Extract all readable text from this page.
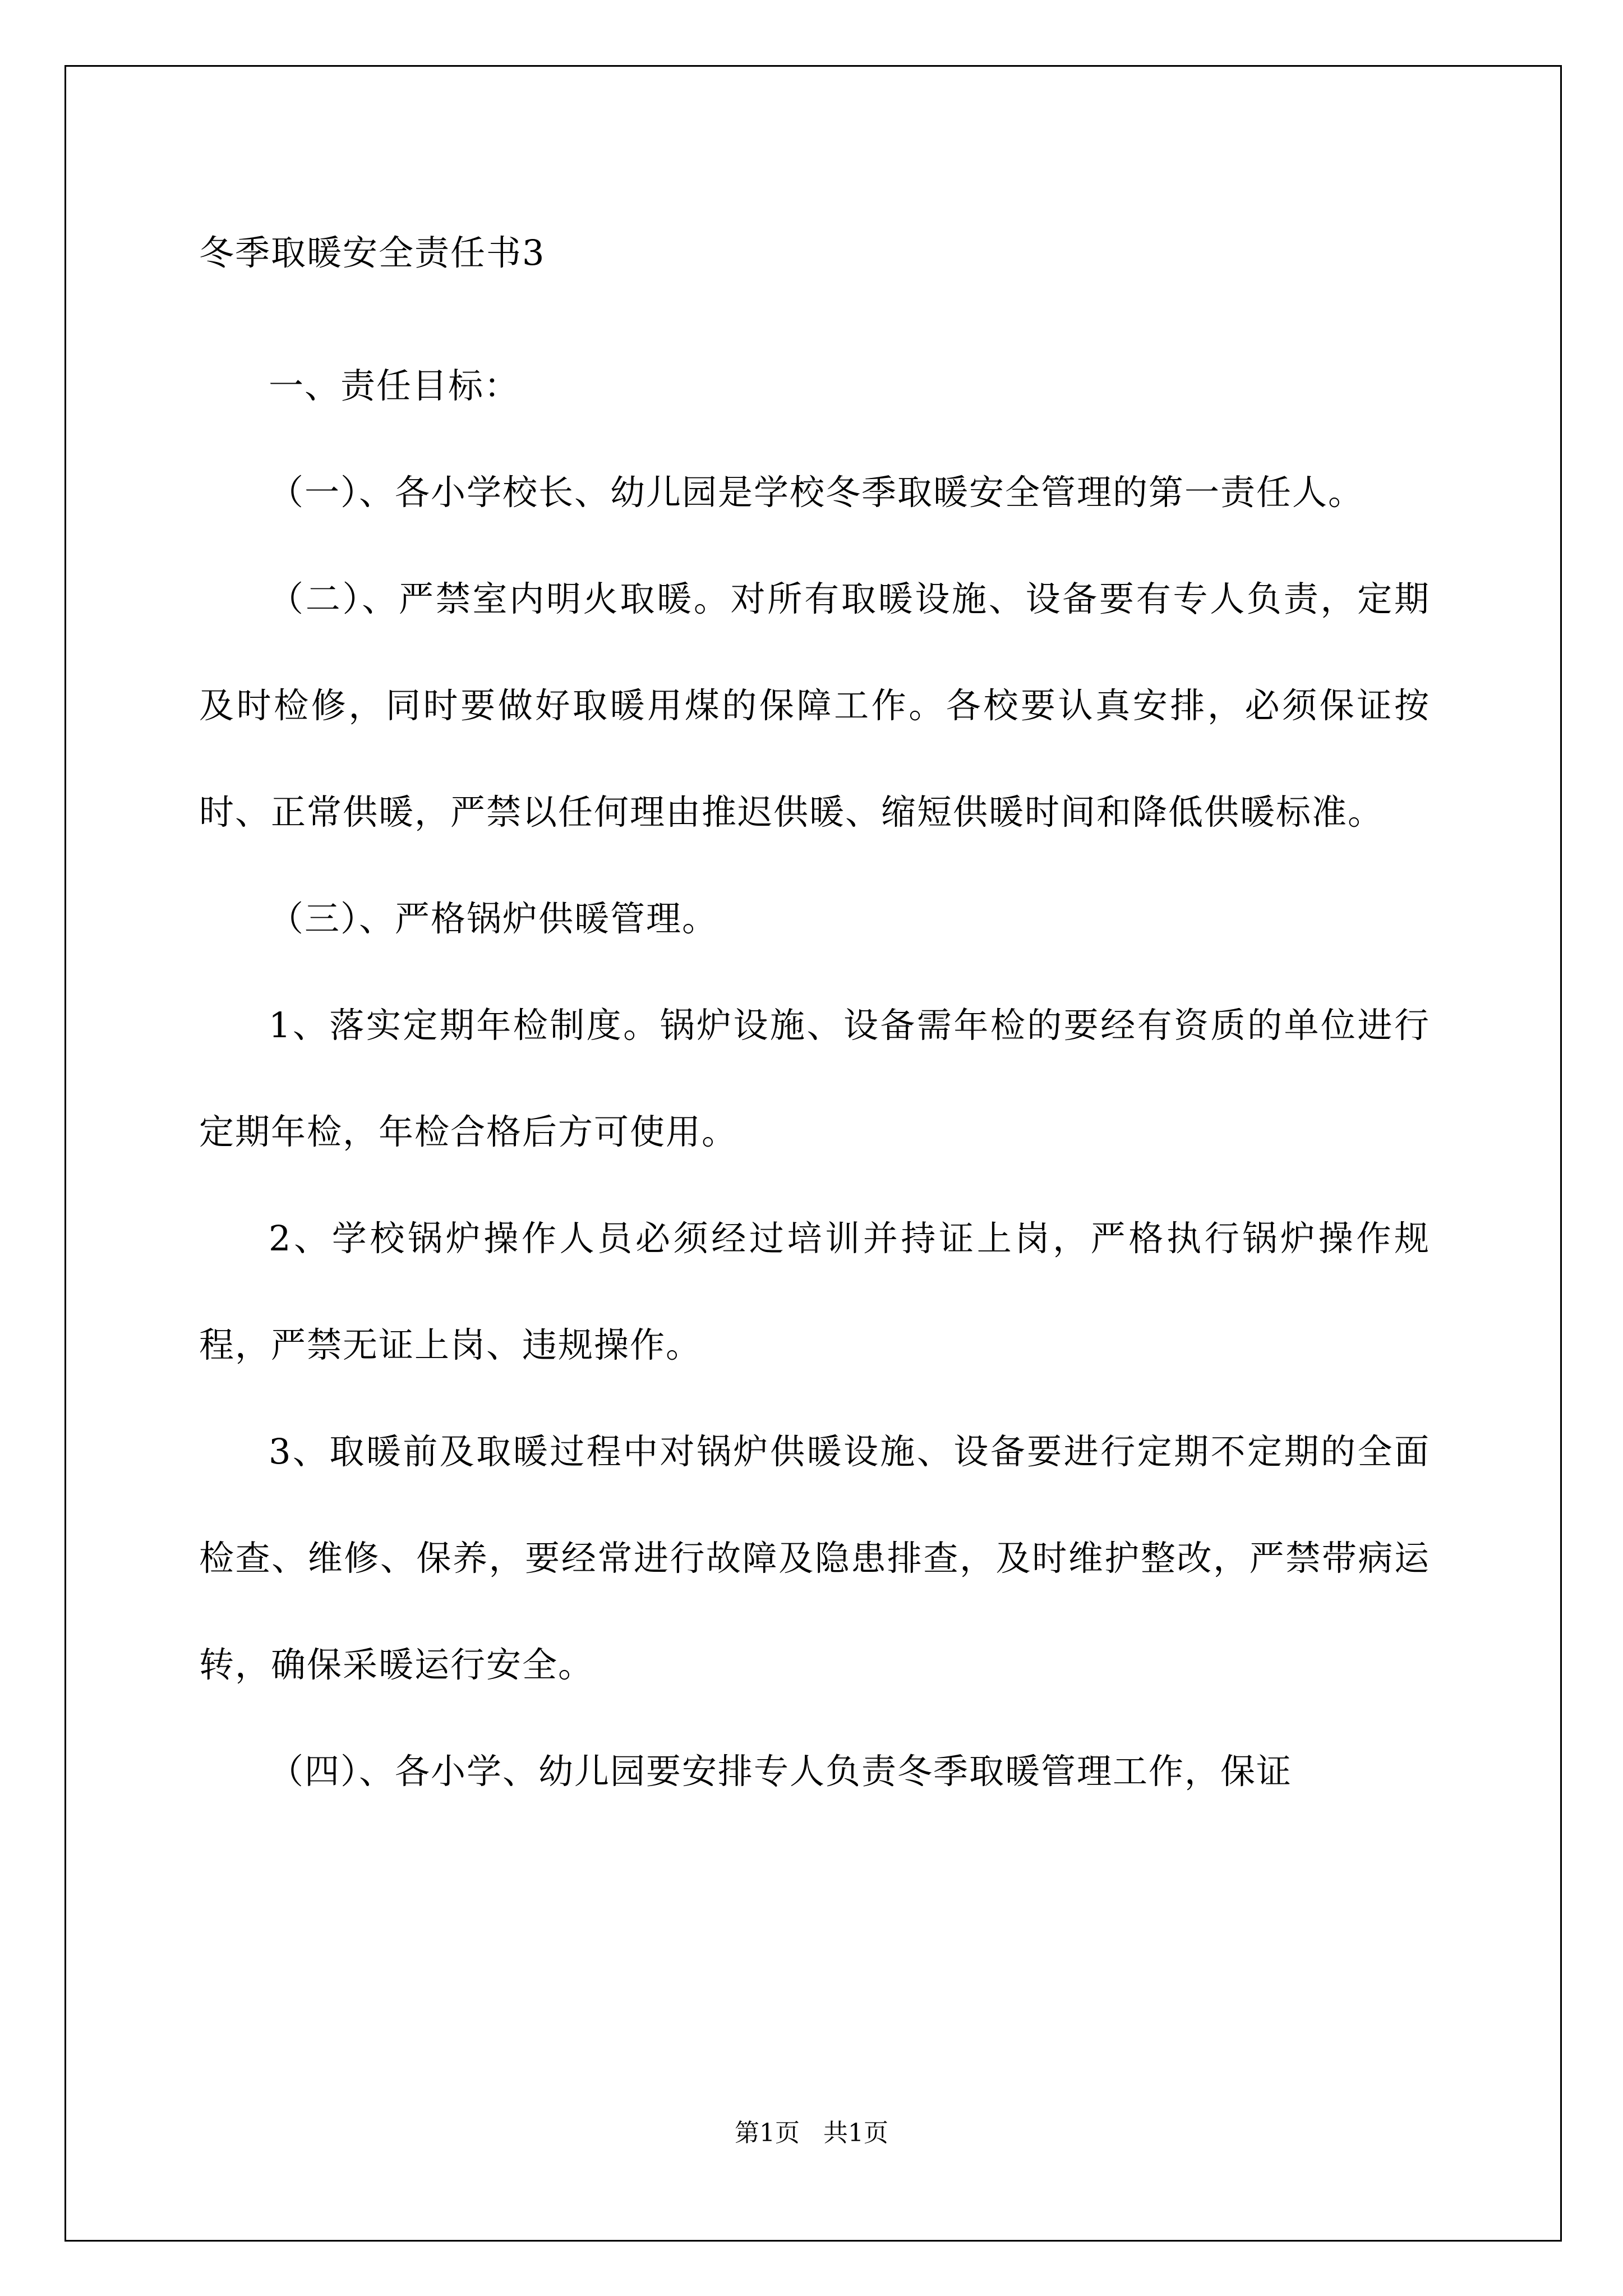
冬季取暖安全责任书3

一、责任目标：

（一）、各小学校长、幼儿园是学校冬季取暖安全管理的第一责任人。

（二）、严禁室内明火取暖。对所有取暖设施、设备要有专人负责，定期及时检修，同时要做好取暖用煤的保障工作。各校要认真安排，必须保证按时、正常供暖，严禁以任何理由推迟供暖、缩短供暖时间和降低供暖标准。

（三）、严格锅炉供暖管理。

1、落实定期年检制度。锅炉设施、设备需年检的要经有资质的单位进行定期年检，年检合格后方可使用。

2、学校锅炉操作人员必须经过培训并持证上岗，严格执行锅炉操作规程，严禁无证上岗、违规操作。

3、取暖前及取暖过程中对锅炉供暖设施、设备要进行定期不定期的全面检查、维修、保养，要经常进行故障及隐患排查，及时维护整改，严禁带病运转，确保采暖运行安全。

（四）、各小学、幼儿园要安排专人负责冬季取暖管理工作，保证

第1页   共1页
